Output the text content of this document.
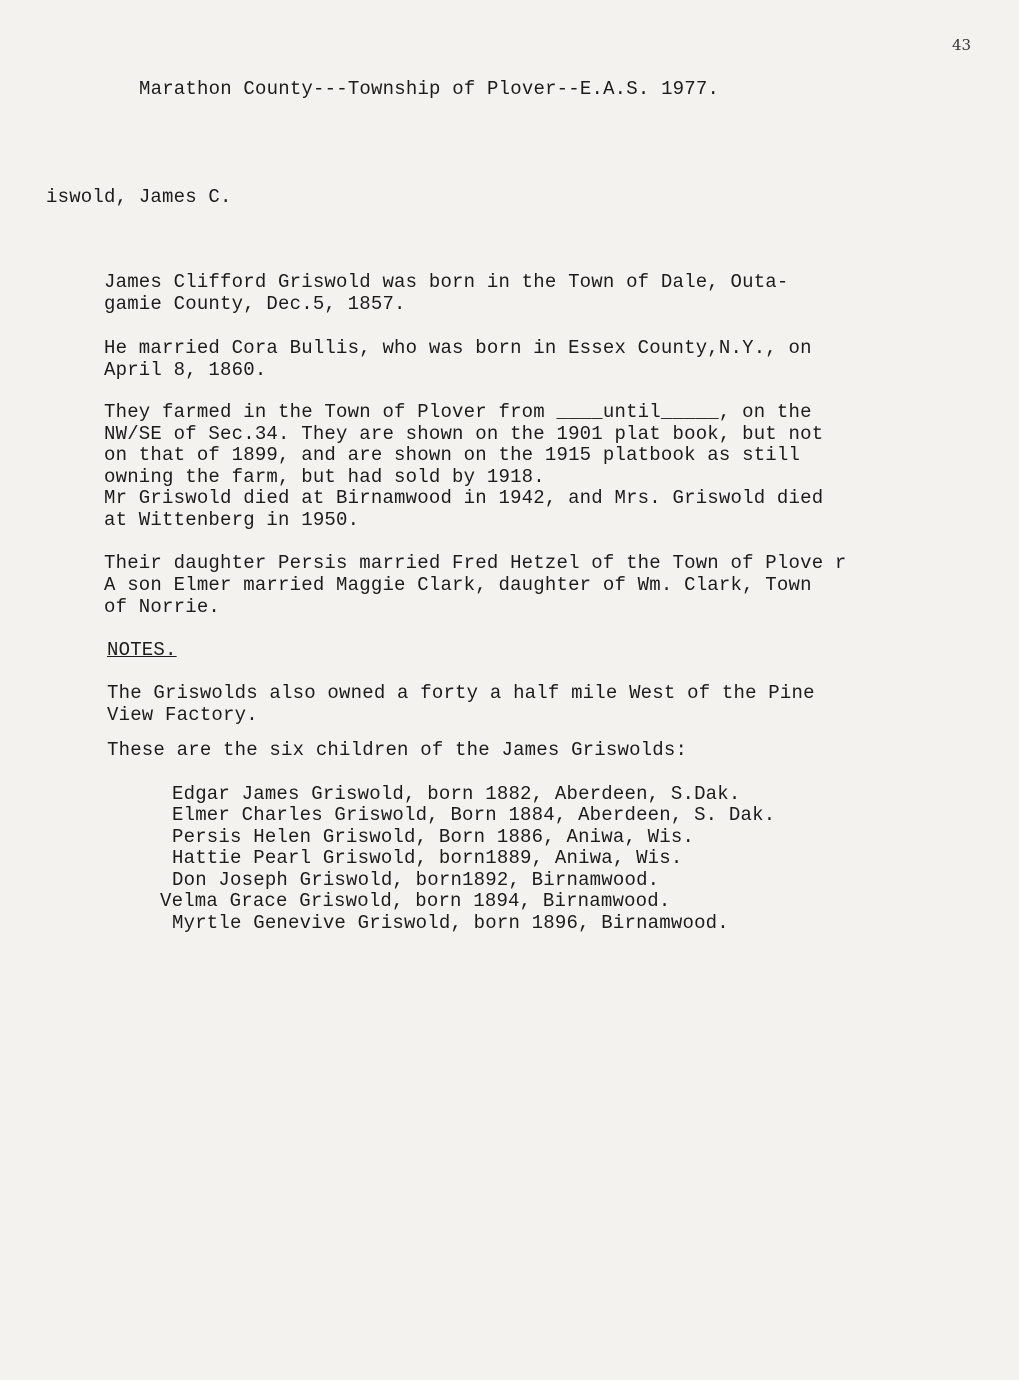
43
Marathon County---Township of Plover--E.A.S. 1977.
iswold, James C.
James Clifford Griswold was born in the Town of Dale, Outa-
gamie County, Dec.5, 1857.
He married Cora Bullis, who was born in Essex County,N.Y., on
April 8, 1860.
They farmed in the Town of Plover from ____until_____, on the
NW/SE of Sec.34. They are shown on the 1901 plat book, but not
on that of 1899, and are shown on the 1915 platbook as still
owning the farm, but had sold by 1918.
Mr Griswold died at Birnamwood in 1942, and Mrs. Griswold died
at Wittenberg in 1950.
Their daughter Persis married Fred Hetzel of the Town of Plove r
A son Elmer married Maggie Clark, daughter of Wm. Clark, Town
of Norrie.
NOTES.
The Griswolds also owned a forty a half mile West of the Pine
View Factory.
These are the six children of the James Griswolds:
Edgar James Griswold, born 1882, Aberdeen, S.Dak.
Elmer Charles Griswold, Born 1884, Aberdeen, S. Dak.
Persis Helen Griswold, Born 1886, Aniwa, Wis.
Hattie Pearl Griswold, born1889, Aniwa, Wis.
Don Joseph Griswold, born1892, Birnamwood.
Velma Grace Griswold, born 1894, Birnamwood.
Myrtle Genevive Griswold, born 1896, Birnamwood.
